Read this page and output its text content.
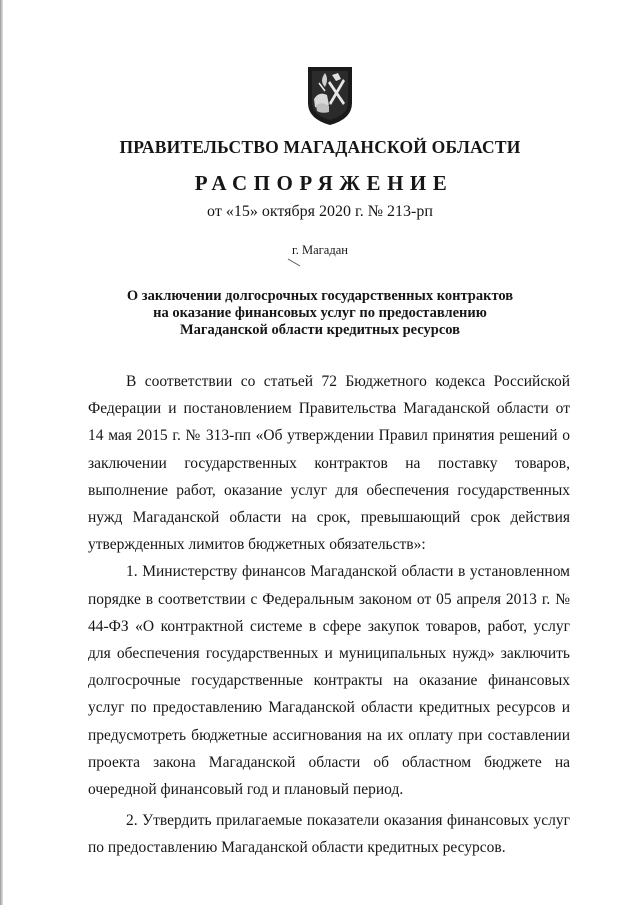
ПРАВИТЕЛЬСТВО МАГАДАНСКОЙ ОБЛАСТИ
РАСПОРЯЖЕНИЕ
от «15» октября 2020 г. № 213-рп
г. Магадан
О заключении долгосрочных государственных контрактов
на оказание финансовых услуг по предоставлению
Магаданской области кредитных ресурсов

В соответствии со статьей 72 Бюджетного кодекса Российской Федерации и постановлением Правительства Магаданской области от 14 мая 2015 г. № 313-пп «Об утверждении Правил принятия решений о заключении государственных контрактов на поставку товаров, выполнение работ, оказание услуг для обеспечения государственных нужд Магаданской области на срок, превышающий срок действия утвержденных лимитов бюджетных обязательств»:

1. Министерству финансов Магаданской области в установленном порядке в соответствии с Федеральным законом от 05 апреля 2013 г. № 44-ФЗ «О контрактной системе в сфере закупок товаров, работ, услуг для обеспечения государственных и муниципальных нужд» заключить долгосрочные государственные контракты на оказание финансовых услуг по предоставлению Магаданской области кредитных ресурсов и предусмотреть бюджетные ассигнования на их оплату при составлении проекта закона Магаданской области об областном бюджете на очередной финансовый год и плановый период.

2. Утвердить прилагаемые показатели оказания финансовых услуг по предоставлению Магаданской области кредитных ресурсов.
